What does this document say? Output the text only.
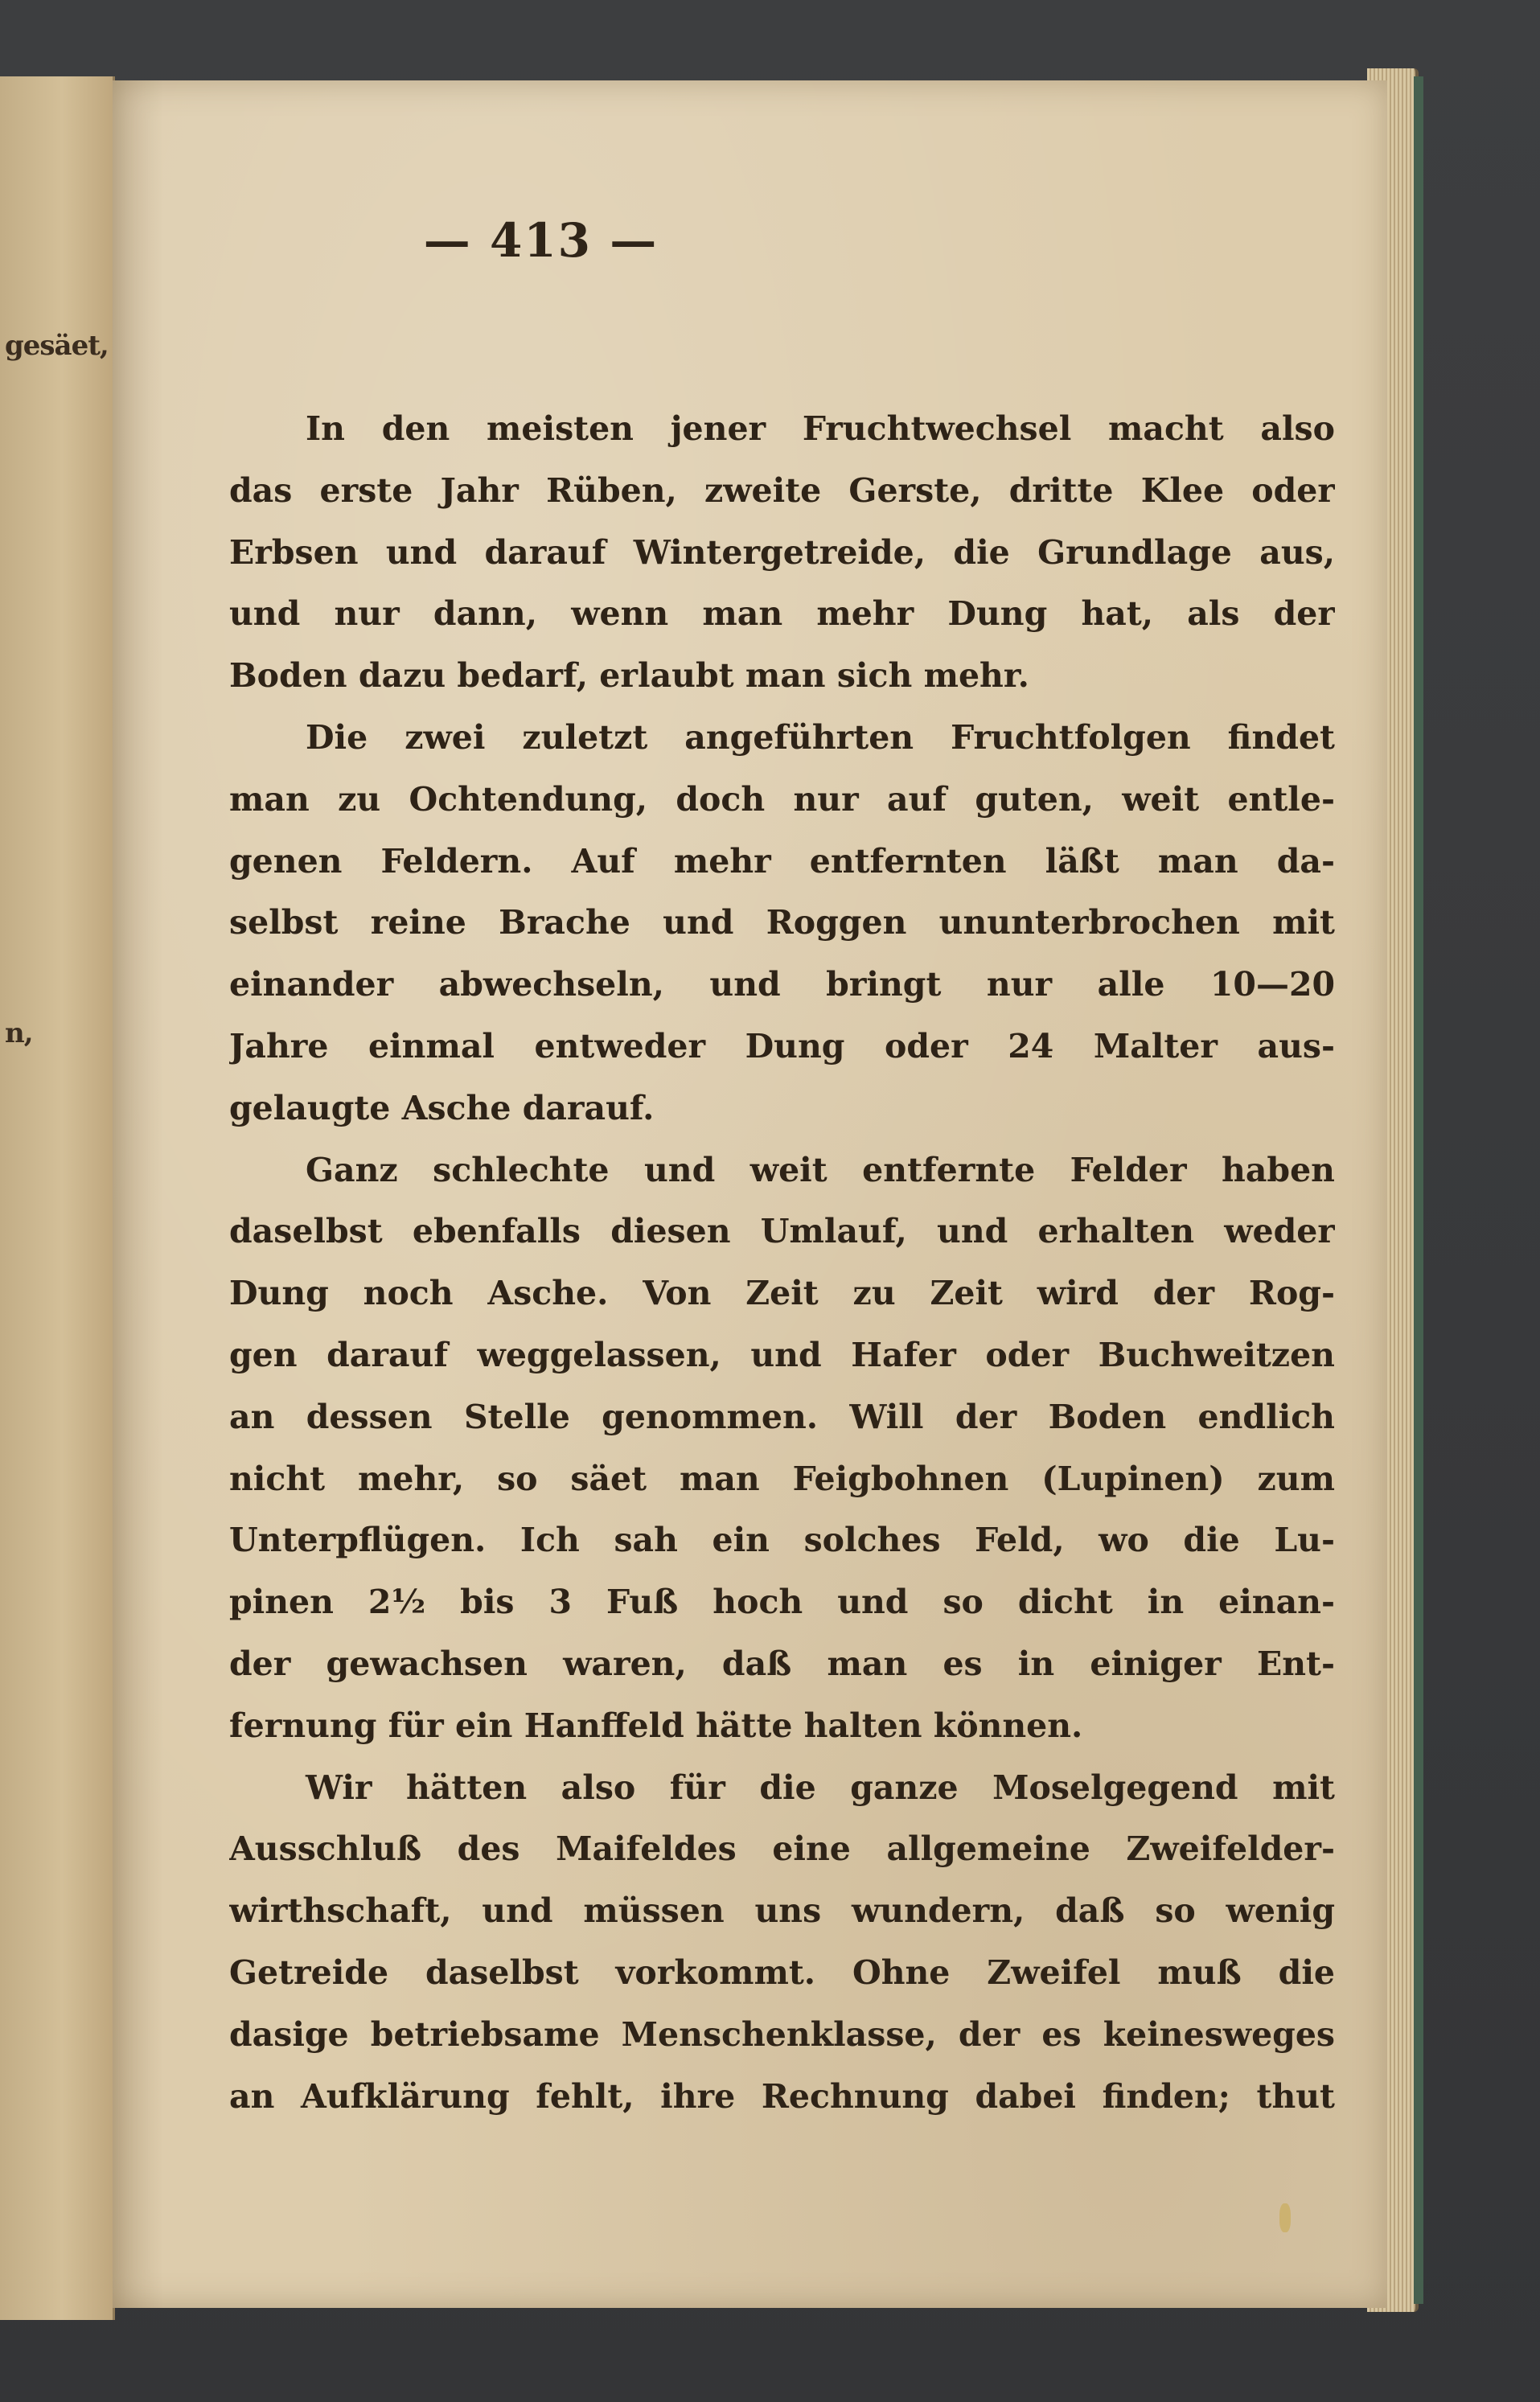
gesäet,
n,
— 413 —
In den meisten jener Fruchtwechsel macht also
das erste Jahr Rüben, zweite Gerste, dritte Klee oder
Erbsen und darauf Wintergetreide, die Grundlage aus,
und nur dann, wenn man mehr Dung hat, als der
Boden dazu bedarf, erlaubt man sich mehr.
Die zwei zuletzt angeführten Fruchtfolgen findet
man zu Ochtendung, doch nur auf guten, weit entle-
genen Feldern. Auf mehr entfernten läßt man da-
selbst reine Brache und Roggen ununterbrochen mit
einander abwechseln, und bringt nur alle 10—20
Jahre einmal entweder Dung oder 24 Malter aus-
gelaugte Asche darauf.
Ganz schlechte und weit entfernte Felder haben
daselbst ebenfalls diesen Umlauf, und erhalten weder
Dung noch Asche. Von Zeit zu Zeit wird der Rog-
gen darauf weggelassen, und Hafer oder Buchweitzen
an dessen Stelle genommen. Will der Boden endlich
nicht mehr, so säet man Feigbohnen (Lupinen) zum
Unterpflügen. Ich sah ein solches Feld, wo die Lu-
pinen 2½ bis 3 Fuß hoch und so dicht in einan-
der gewachsen waren, daß man es in einiger Ent-
fernung für ein Hanffeld hätte halten können.
Wir hätten also für die ganze Moselgegend mit
Ausschluß des Maifeldes eine allgemeine Zweifelder-
wirthschaft, und müssen uns wundern, daß so wenig
Getreide daselbst vorkommt. Ohne Zweifel muß die
dasige betriebsame Menschenklasse, der es keinesweges
an Aufklärung fehlt, ihre Rechnung dabei finden; thut
